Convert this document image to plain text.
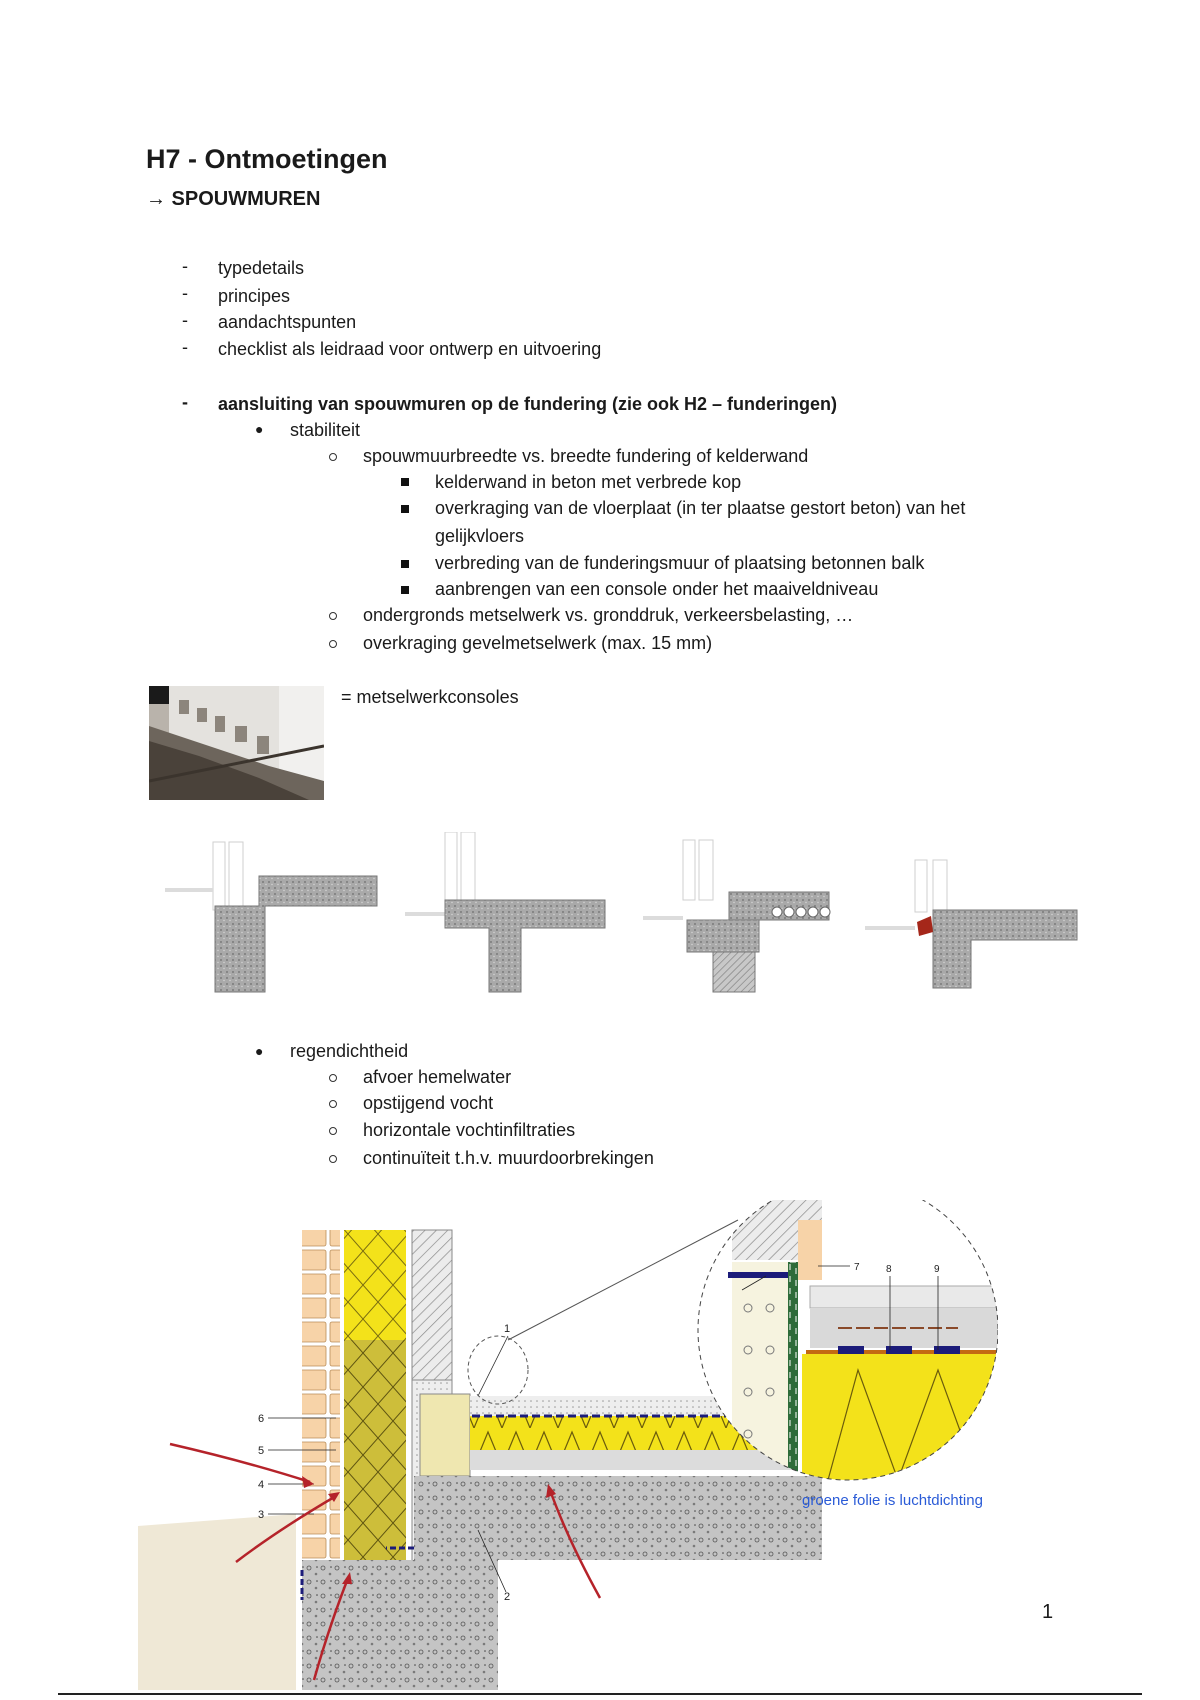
H7 - Ontmoetingen
→ SPOUWMUREN
- typedetails
- principes
- aandachtspunten
- checklist als leidraad voor ontwerp en uitvoering
- aansluiting van spouwmuren op de fundering (zie ook H2 – funderingen)
● stabiliteit
spouwmuurbreedte vs. breedte fundering of kelderwand
kelderwand in beton met verbrede kop
overkraging van de vloerplaat (in ter plaatse gestort beton) van het
gelijkvloers
verbreding van de funderingsmuur of plaatsing betonnen balk
aanbrengen van een console onder het maaiveldniveau
ondergronds metselwerk vs. gronddruk, verkeersbelasting, …
overkraging gevelmetselwerk (max. 15 mm)
= metselwerkconsoles
● regendichtheid
afvoer hemelwater
opstijgend vocht
horizontale vochtinfiltraties
continuïteit t.h.v. muurdoorbrekingen
6
5
4
3
1
2
7	8	9
groene folie is luchtdichting
1
